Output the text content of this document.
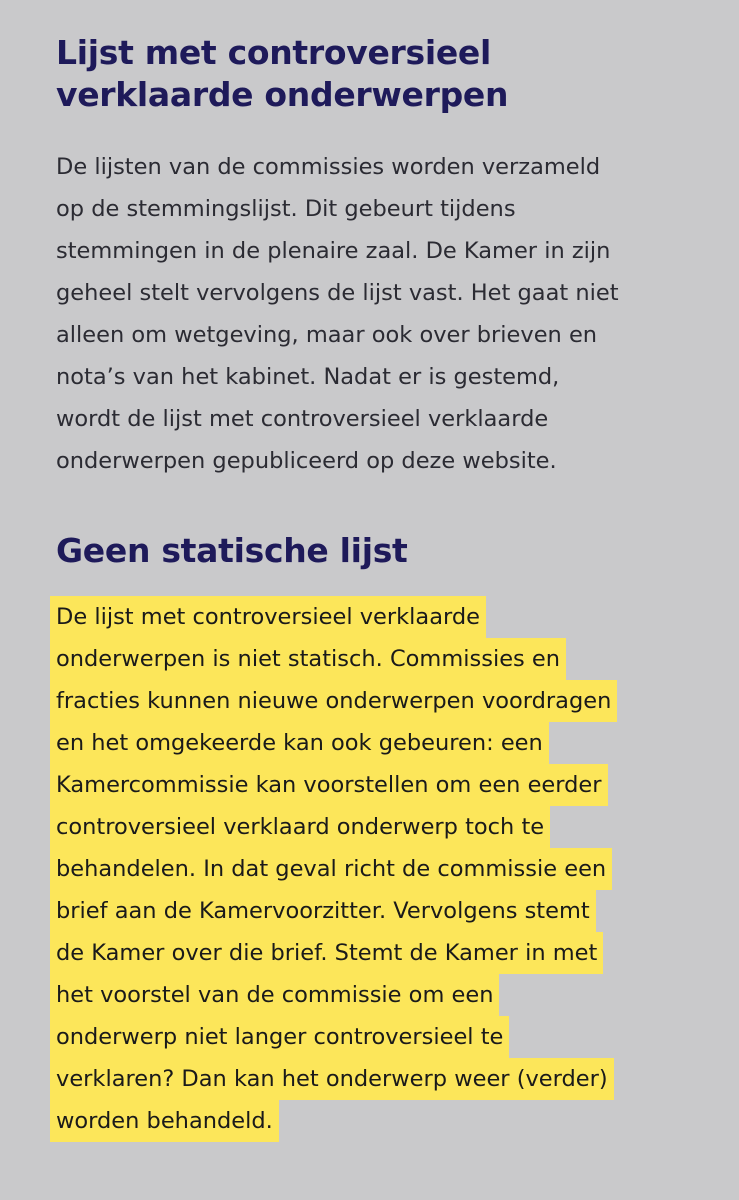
Lijst met controversieel
verklaarde onderwerpen

De lijsten van de commissies worden verzameld
op de stemmingslijst. Dit gebeurt tijdens
stemmingen in de plenaire zaal. De Kamer in zijn
geheel stelt vervolgens de lijst vast. Het gaat niet
alleen om wetgeving, maar ook over brieven en
nota’s van het kabinet. Nadat er is gestemd,
wordt de lijst met controversieel verklaarde
onderwerpen gepubliceerd op deze website.

Geen statische lijst

De lijst met controversieel verklaarde
onderwerpen is niet statisch. Commissies en
fracties kunnen nieuwe onderwerpen voordragen
en het omgekeerde kan ook gebeuren: een
Kamercommissie kan voorstellen om een eerder
controversieel verklaard onderwerp toch te
behandelen. In dat geval richt de commissie een
brief aan de Kamervoorzitter. Vervolgens stemt
de Kamer over die brief. Stemt de Kamer in met
het voorstel van de commissie om een
onderwerp niet langer controversieel te
verklaren? Dan kan het onderwerp weer (verder)
worden behandeld.
